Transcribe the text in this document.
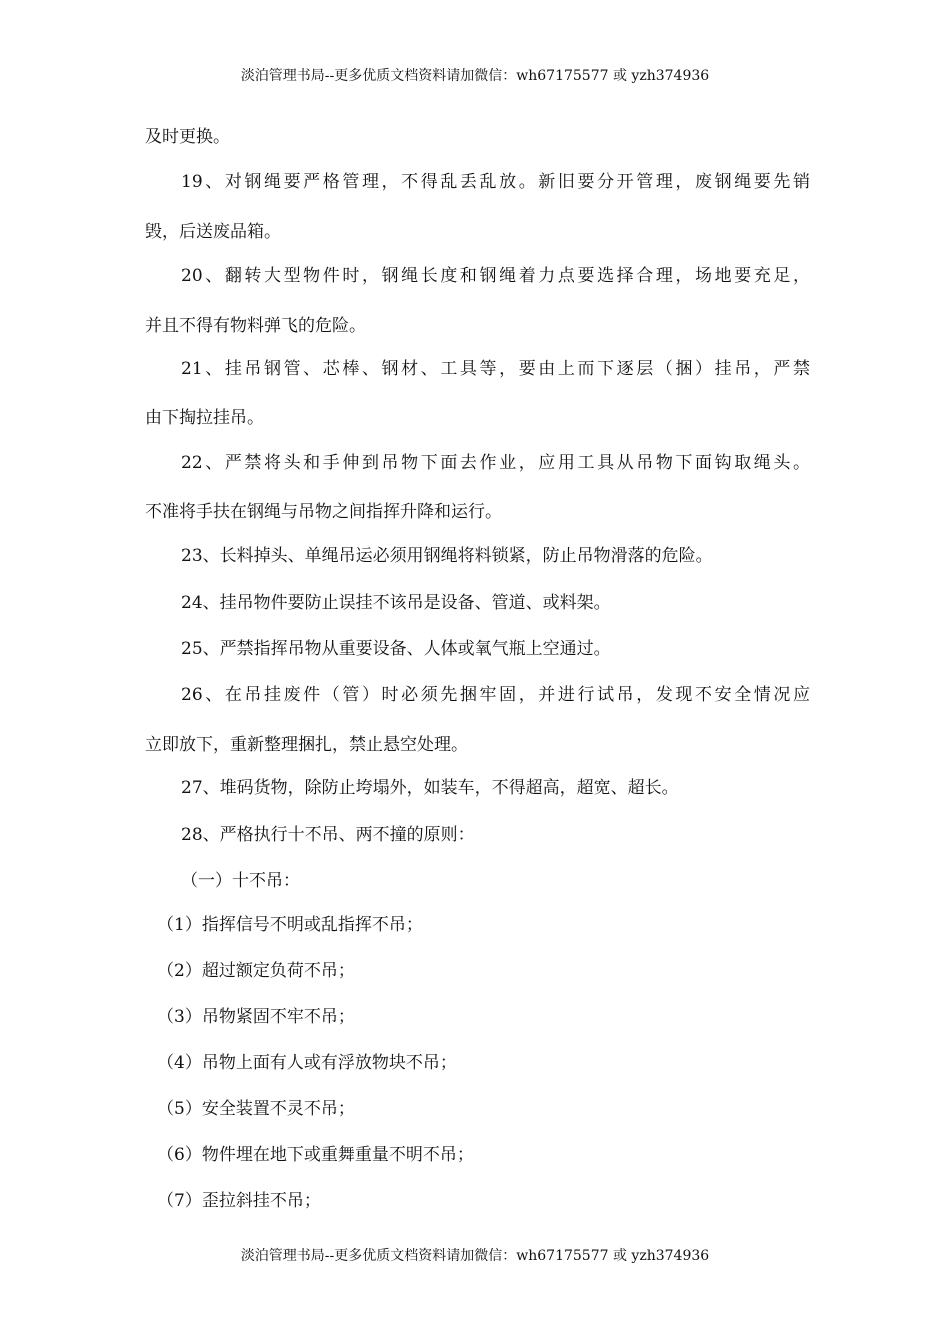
淡泊管理书局--更多优质文档资料请加微信：wh67175577 或 yzh374936
及时更换。
19、对钢绳要严格管理，不得乱丢乱放。新旧要分开管理，废钢绳要先销
毁，后送废品箱。
20、翻转大型物件时，钢绳长度和钢绳着力点要选择合理，场地要充足，
并且不得有物料弹飞的危险。
21、挂吊钢管、芯棒、钢材、工具等，要由上而下逐层（捆）挂吊，严禁
由下掏拉挂吊。
22、严禁将头和手伸到吊物下面去作业，应用工具从吊物下面钩取绳头。
不准将手扶在钢绳与吊物之间指挥升降和运行。
23、长料掉头、单绳吊运必须用钢绳将料锁紧，防止吊物滑落的危险。
24、挂吊物件要防止误挂不该吊是设备、管道、或料架。
25、严禁指挥吊物从重要设备、人体或氧气瓶上空通过。
26、在吊挂废件（管）时必须先捆牢固，并进行试吊，发现不安全情况应
立即放下，重新整理捆扎，禁止悬空处理。
27、堆码货物，除防止垮塌外，如装车，不得超高，超宽、超长。
28、严格执行十不吊、两不撞的原则：
（一）十不吊：
（1）指挥信号不明或乱指挥不吊；
（2）超过额定负荷不吊；
（3）吊物紧固不牢不吊；
（4）吊物上面有人或有浮放物块不吊；
（5）安全装置不灵不吊；
（6）物件埋在地下或重舞重量不明不吊；
（7）歪拉斜挂不吊；
淡泊管理书局--更多优质文档资料请加微信：wh67175577 或 yzh374936
